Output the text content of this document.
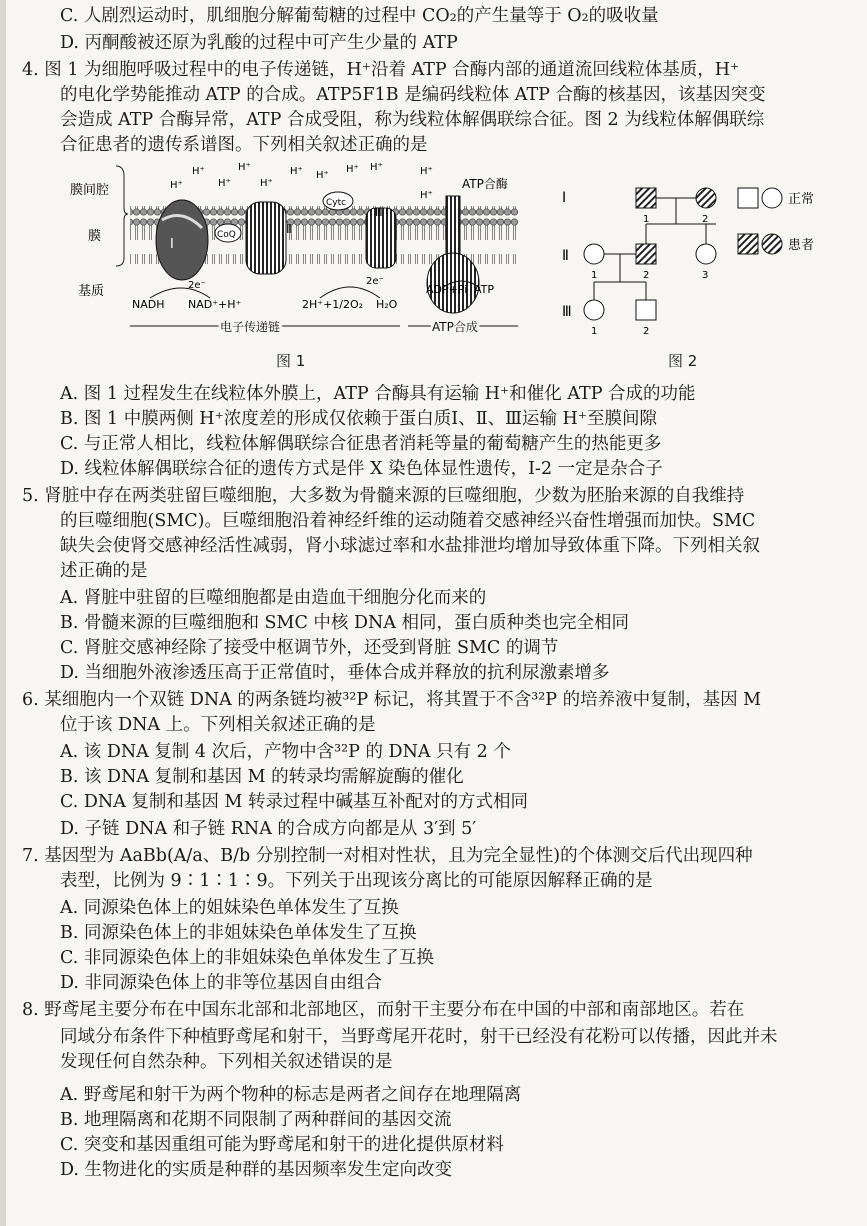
C. 人剧烈运动时，肌细胞分解葡萄糖的过程中 CO₂的产生量等于 O₂的吸收量
D. 丙酮酸被还原为乳酸的过程中可产生少量的 ATP
4. 图 1 为细胞呼吸过程中的电子传递链，H⁺沿着 ATP 合酶内部的通道流回线粒体基质，H⁺
的电化学势能推动 ATP 的合成。ATP5F1B 是编码线粒体 ATP 合酶的核基因，该基因突变
会造成 ATP 合酶异常，ATP 合成受阻，称为线粒体解偶联综合征。图 2 为线粒体解偶联综
合征患者的遗传系谱图。下列相关叙述正确的是
膜间腔
膜
基质
Ⅰ
CoQ	Ⅱ
Cytc
Ⅲ
ATP合酶
H⁺
H⁺
H⁺
H⁺
H⁺
H⁺ H⁺
H⁺ H⁺	H⁺
H⁺
2e⁻
NADH NAD⁺+H⁺	2H⁺+1/2O₂ H₂O
2e⁻
ADP+Pi ATP
电子传递链	ATP合成
Ⅰ
Ⅱ
Ⅲ
1	2
1	2	3
1	2
正常
患者
图 1	图 2
A. 图 1 过程发生在线粒体外膜上，ATP 合酶具有运输 H⁺和催化 ATP 合成的功能
B. 图 1 中膜两侧 H⁺浓度差的形成仅依赖于蛋白质Ⅰ、Ⅱ、Ⅲ运输 H⁺至膜间隙
C. 与正常人相比，线粒体解偶联综合征患者消耗等量的葡萄糖产生的热能更多
D. 线粒体解偶联综合征的遗传方式是伴 X 染色体显性遗传，Ⅰ-2 一定是杂合子
5. 肾脏中存在两类驻留巨噬细胞，大多数为骨髓来源的巨噬细胞，少数为胚胎来源的自我维持
的巨噬细胞(SMC)。巨噬细胞沿着神经纤维的运动随着交感神经兴奋性增强而加快。SMC
缺失会使肾交感神经活性减弱，肾小球滤过率和水盐排泄均增加导致体重下降。下列相关叙
述正确的是
A. 肾脏中驻留的巨噬细胞都是由造血干细胞分化而来的
B. 骨髓来源的巨噬细胞和 SMC 中核 DNA 相同，蛋白质种类也完全相同
C. 肾脏交感神经除了接受中枢调节外，还受到肾脏 SMC 的调节
D. 当细胞外液渗透压高于正常值时，垂体合成并释放的抗利尿激素增多
6. 某细胞内一个双链 DNA 的两条链均被³²P 标记，将其置于不含³²P 的培养液中复制，基因 M
位于该 DNA 上。下列相关叙述正确的是
A. 该 DNA 复制 4 次后，产物中含³²P 的 DNA 只有 2 个
B. 该 DNA 复制和基因 M 的转录均需解旋酶的催化
C. DNA 复制和基因 M 转录过程中碱基互补配对的方式相同
D. 子链 DNA 和子链 RNA 的合成方向都是从 3′到 5′
7. 基因型为 AaBb(A/a、B/b 分别控制一对相对性状，且为完全显性)的个体测交后代出现四种
表型，比例为 9∶1∶1∶9。下列关于出现该分离比的可能原因解释正确的是
A. 同源染色体上的姐妹染色单体发生了互换
B. 同源染色体上的非姐妹染色单体发生了互换
C. 非同源染色体上的非姐妹染色单体发生了互换
D. 非同源染色体上的非等位基因自由组合
8. 野鸢尾主要分布在中国东北部和北部地区，而射干主要分布在中国的中部和南部地区。若在
同域分布条件下种植野鸢尾和射干，当野鸢尾开花时，射干已经没有花粉可以传播，因此并未
发现任何自然杂种。下列相关叙述错误的是
A. 野鸢尾和射干为两个物种的标志是两者之间存在地理隔离
B. 地理隔离和花期不同限制了两种群间的基因交流
C. 突变和基因重组可能为野鸢尾和射干的进化提供原材料
D. 生物进化的实质是种群的基因频率发生定向改变
